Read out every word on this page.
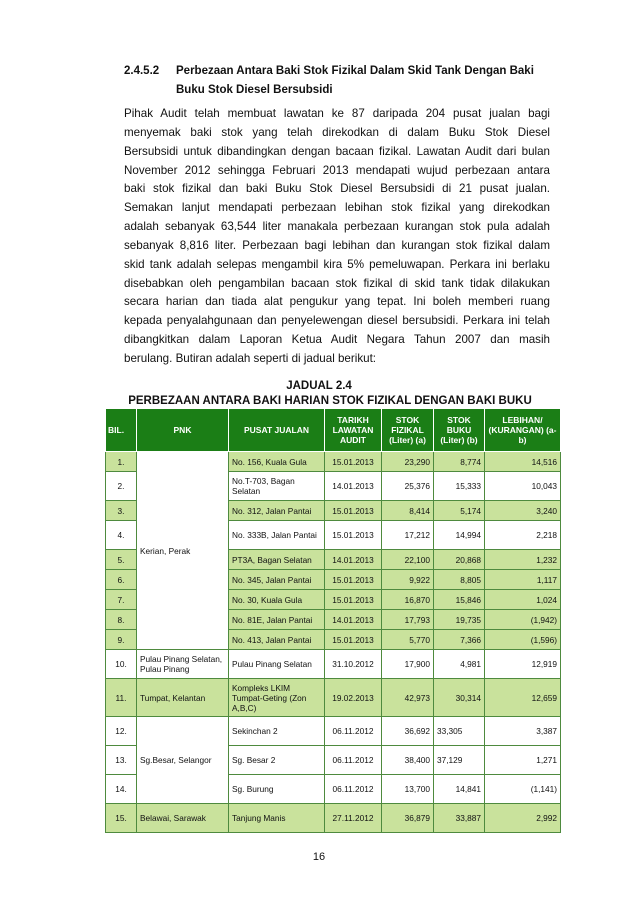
2.4.5.2 Perbezaan Antara Baki Stok Fizikal Dalam Skid Tank Dengan Baki
Buku Stok Diesel Bersubsidi
Pihak Audit telah membuat lawatan ke 87 daripada 204 pusat jualan bagi
menyemak baki stok yang telah direkodkan di dalam Buku Stok Diesel
Bersubsidi untuk dibandingkan dengan bacaan fizikal. Lawatan Audit dari bulan
November 2012 sehingga Februari 2013 mendapati wujud perbezaan antara
baki stok fizikal dan baki Buku Stok Diesel Bersubsidi di 21 pusat jualan.
Semakan lanjut mendapati perbezaan lebihan stok fizikal yang direkodkan
adalah sebanyak 63,544 liter manakala perbezaan kurangan stok pula adalah
sebanyak 8,816 liter. Perbezaan bagi lebihan dan kurangan stok fizikal dalam
skid tank adalah selepas mengambil kira 5% pemeluwapan. Perkara ini berlaku
disebabkan oleh pengambilan bacaan stok fizikal di skid tank tidak dilakukan
secara harian dan tiada alat pengukur yang tepat. Ini boleh memberi ruang
kepada penyalahgunaan dan penyelewengan diesel bersubsidi. Perkara ini telah
dibangkitkan dalam Laporan Ketua Audit Negara Tahun 2007 dan masih
berulang. Butiran adalah seperti di jadual berikut:
JADUAL 2.4
PERBEZAAN ANTARA BAKI HARIAN STOK FIZIKAL DENGAN BAKI BUKU
BIL.	PNK	PUSAT JUALAN	TARIKH LAWATAN AUDIT	STOK FIZIKAL (Liter) (a)	STOK BUKU (Liter) (b)	LEBIHAN/ (KURANGAN) (a-b)
1.	Kerian, Perak	No. 156, Kuala Gula	15.01.2013	23,290	8,774	14,516
2.		No.T-703, Bagan Selatan	14.01.2013	25,376	15,333	10,043
3.		No. 312, Jalan Pantai	15.01.2013	8,414	5,174	3,240
4.		No. 333B, Jalan Pantai	15.01.2013	17,212	14,994	2,218
5.		PT3A, Bagan Selatan	14.01.2013	22,100	20,868	1,232
6.		No. 345, Jalan Pantai	15.01.2013	9,922	8,805	1,117
7.		No. 30, Kuala Gula	15.01.2013	16,870	15,846	1,024
8.		No. 81E, Jalan Pantai	14.01.2013	17,793	19,735	(1,942)
9.		No. 413, Jalan Pantai	15.01.2013	5,770	7,366	(1,596)
10.	Pulau Pinang Selatan, Pulau Pinang	Pulau Pinang Selatan	31.10.2012	17,900	4,981	12,919
11.	Tumpat, Kelantan	Kompleks LKIM Tumpat-Geting (Zon A,B,C)	19.02.2013	42,973	30,314	12,659
12.	Sg.Besar, Selangor	Sekinchan 2	06.11.2012	36,692	33,305	3,387
13.		Sg. Besar 2	06.11.2012	38,400	37,129	1,271
14.		Sg. Burung	06.11.2012	13,700	14,841	(1,141)
15.	Belawai, Sarawak	Tanjung Manis	27.11.2012	36,879	33,887	2,992
16
